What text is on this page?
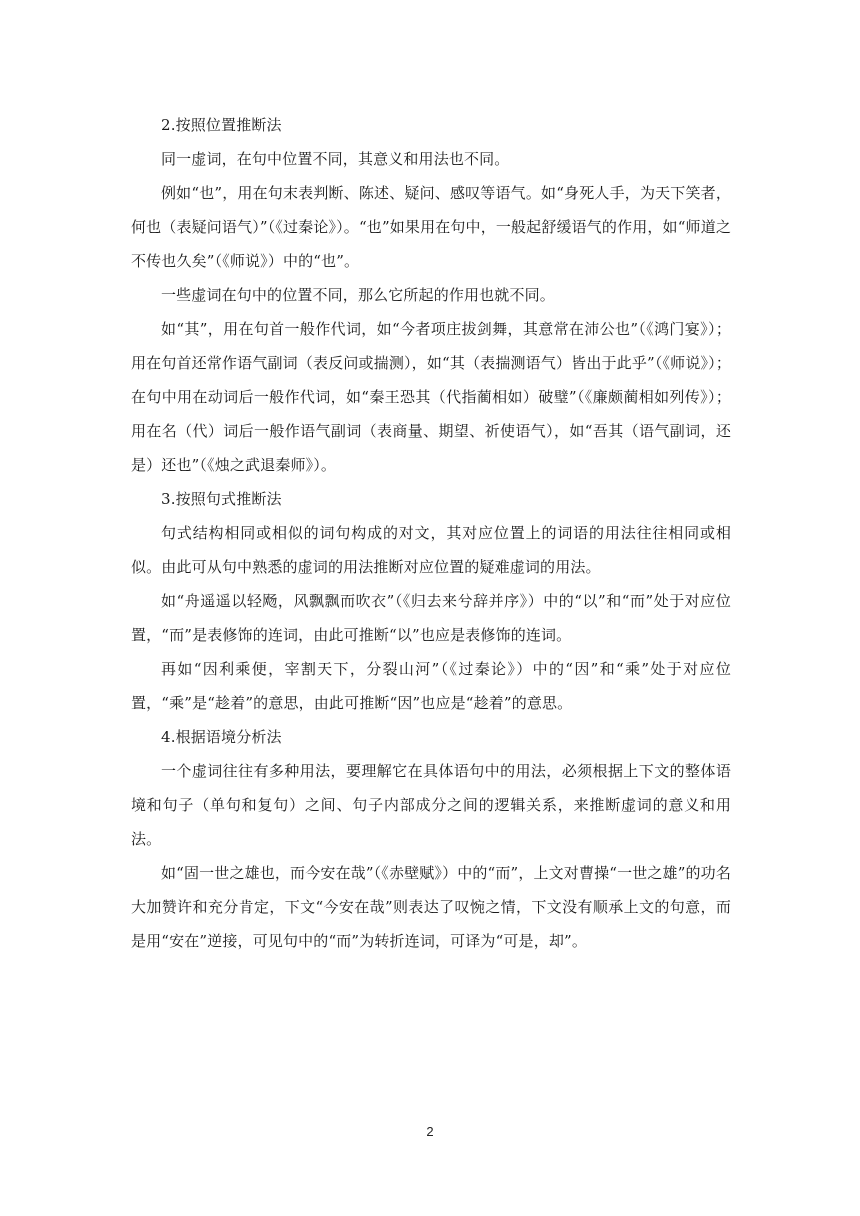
2.按照位置推断法

同一虚词，在句中位置不同，其意义和用法也不同。

例如“也”，用在句末表判断、陈述、疑问、感叹等语气。如“身死人手，为天下笑者，何也（表疑问语气）”（《过秦论》）。“也”如果用在句中，一般起舒缓语气的作用，如“师道之不传也久矣”（《师说》）中的“也”。

一些虚词在句中的位置不同，那么它所起的作用也就不同。

如“其”，用在句首一般作代词，如“今者项庄拔剑舞，其意常在沛公也”（《鸿门宴》）；用在句首还常作语气副词（表反问或揣测），如“其（表揣测语气）皆出于此乎”（《师说》）；在句中用在动词后一般作代词，如“秦王恐其（代指蔺相如）破璧”（《廉颇蔺相如列传》）；用在名（代）词后一般作语气副词（表商量、期望、祈使语气），如“吾其（语气副词，还是）还也”（《烛之武退秦师》）。

3.按照句式推断法

句式结构相同或相似的词句构成的对文，其对应位置上的词语的用法往往相同或相似。由此可从句中熟悉的虚词的用法推断对应位置的疑难虚词的用法。

如“舟遥遥以轻飏，风飘飘而吹衣”（《归去来兮辞并序》）中的“以”和“而”处于对应位置，“而”是表修饰的连词，由此可推断“以”也应是表修饰的连词。

再如“因利乘便，宰割天下，分裂山河”（《过秦论》）中的“因”和“乘”处于对应位置，“乘”是“趁着”的意思，由此可推断“因”也应是“趁着”的意思。

4.根据语境分析法

一个虚词往往有多种用法，要理解它在具体语句中的用法，必须根据上下文的整体语境和句子（单句和复句）之间、句子内部成分之间的逻辑关系，来推断虚词的意义和用法。

如“固一世之雄也，而今安在哉”（《赤壁赋》）中的“而”，上文对曹操“一世之雄”的功名大加赞许和充分肯定，下文“今安在哉”则表达了叹惋之情，下文没有顺承上文的句意，而是用“安在”逆接，可见句中的“而”为转折连词，可译为“可是，却”。

2
